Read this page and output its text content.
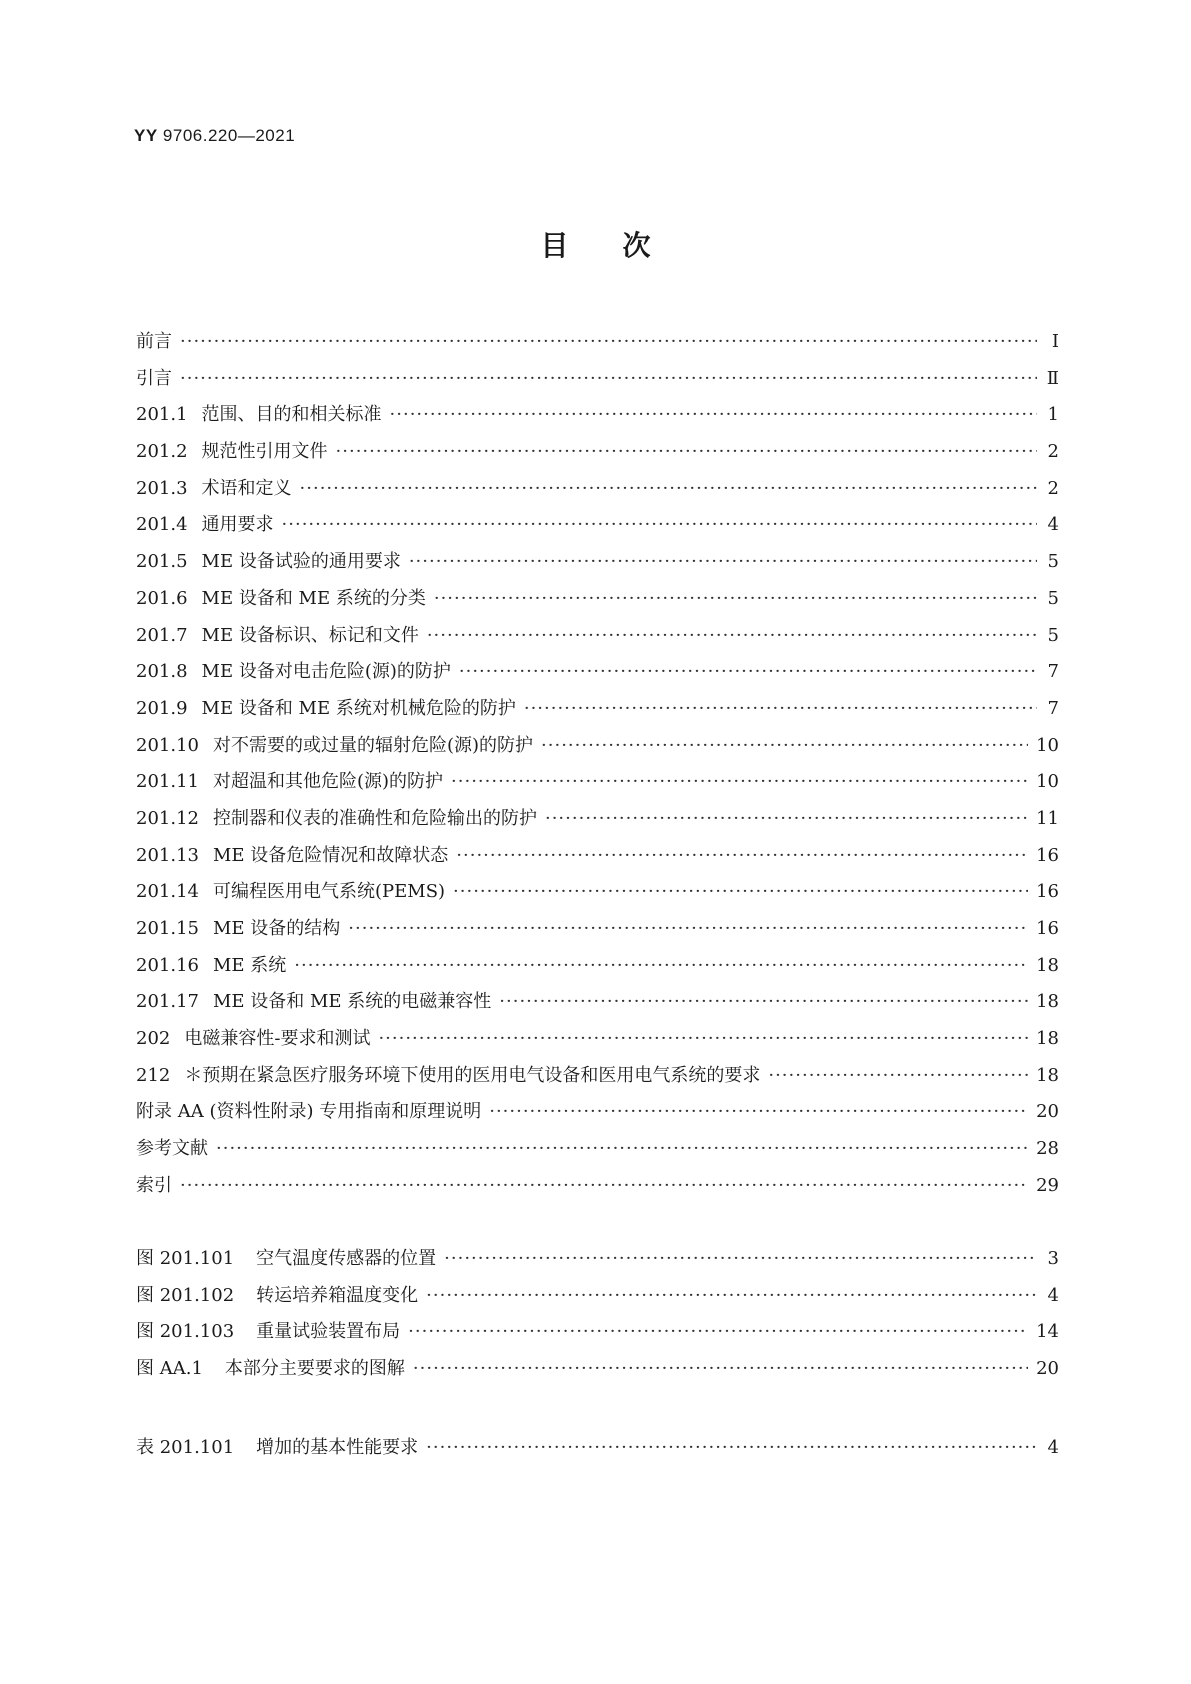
YY 9706.220—2021
目 次
前言 ·····	Ⅰ
引言 ·····	Ⅱ
201.1 范围、目的和相关标准 ·····	1
201.2 规范性引用文件 ·····	2
201.3 术语和定义 ·····	2
201.4 通用要求 ·····	4
201.5 ME 设备试验的通用要求 ·····	5
201.6 ME 设备和 ME 系统的分类 ·····	5
201.7 ME 设备标识、标记和文件 ·····	5
201.8 ME 设备对电击危险(源)的防护 ·····	7
201.9 ME 设备和 ME 系统对机械危险的防护 ·····	7
201.10 对不需要的或过量的辐射危险(源)的防护 ·····	10
201.11 对超温和其他危险(源)的防护 ·····	10
201.12 控制器和仪表的准确性和危险输出的防护 ·····	11
201.13 ME 设备危险情况和故障状态 ·····	16
201.14 可编程医用电气系统(PEMS) ·····	16
201.15 ME 设备的结构 ·····	16
201.16 ME 系统 ·····	18
201.17 ME 设备和 ME 系统的电磁兼容性 ·····	18
202 电磁兼容性-要求和测试 ·····	18
212 ＊预期在紧急医疗服务环境下使用的医用电气设备和医用电气系统的要求 ·····	18
附录 AA (资料性附录) 专用指南和原理说明 ·····	20
参考文献 ·····	28
索引 ·····	29
图 201.101 空气温度传感器的位置 ·····	3
图 201.102 转运培养箱温度变化 ·····	4
图 201.103 重量试验装置布局 ·····	14
图 AA.1 本部分主要要求的图解 ·····	20
表 201.101 增加的基本性能要求 ·····	4
